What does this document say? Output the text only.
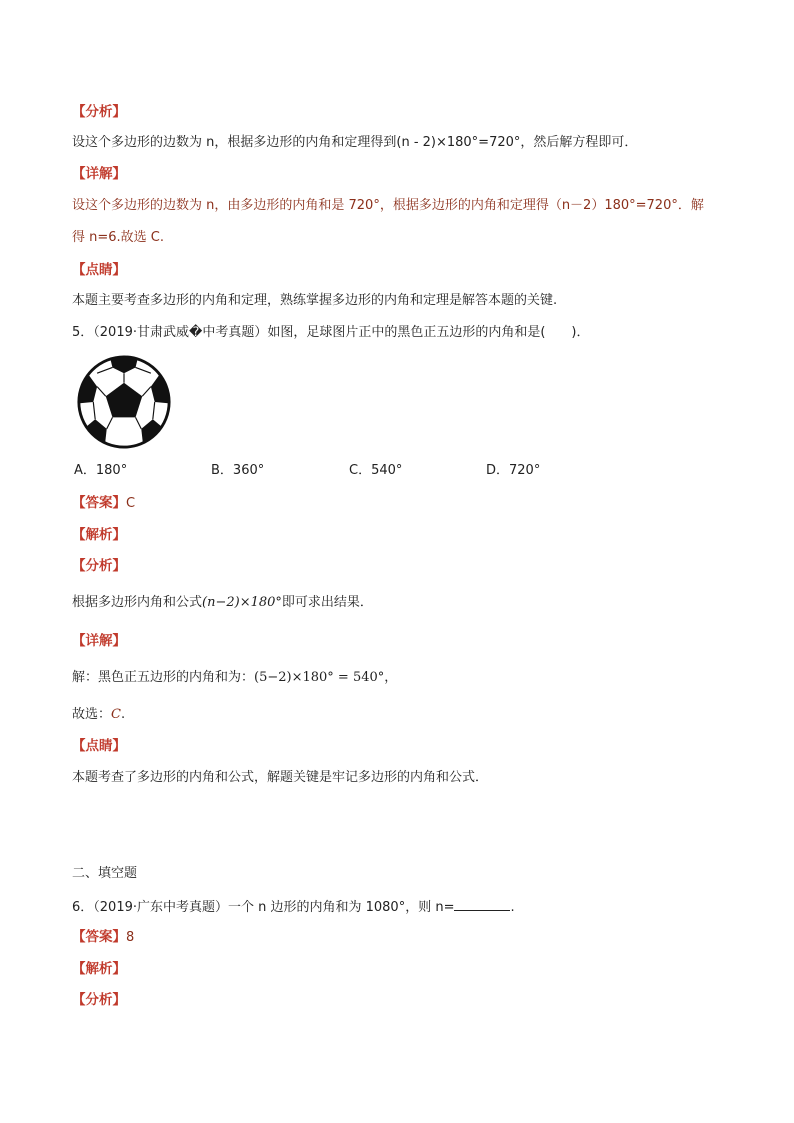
【分析】
设这个多边形的边数为 n，根据多边形的内角和定理得到(n - 2)×180°=720°，然后解方程即可．
【详解】
设这个多边形的边数为 n，由多边形的内角和是 720°，根据多边形的内角和定理得（n－2）180°=720°．解
得 n=6.故选 C.
【点睛】
本题主要考查多边形的内角和定理，熟练掌握多边形的内角和定理是解答本题的关键.
5．（2019·甘肃武威�中考真题）如图，足球图片正中的黑色正五边形的内角和是(　　)．
A．180°	B．360°	C．540°	D．720°
【答案】C
【解析】
【分析】
根据多边形内角和公式(n−2)×180°即可求出结果．
【详解】
解：黑色正五边形的内角和为：(5−2)×180° = 540°，
故选：C.
【点睛】
本题考查了多边形的内角和公式，解题关键是牢记多边形的内角和公式．
二、填空题
6．（2019·广东中考真题）一个 n 边形的内角和为 1080°，则 n=	.
【答案】8
【解析】
【分析】
